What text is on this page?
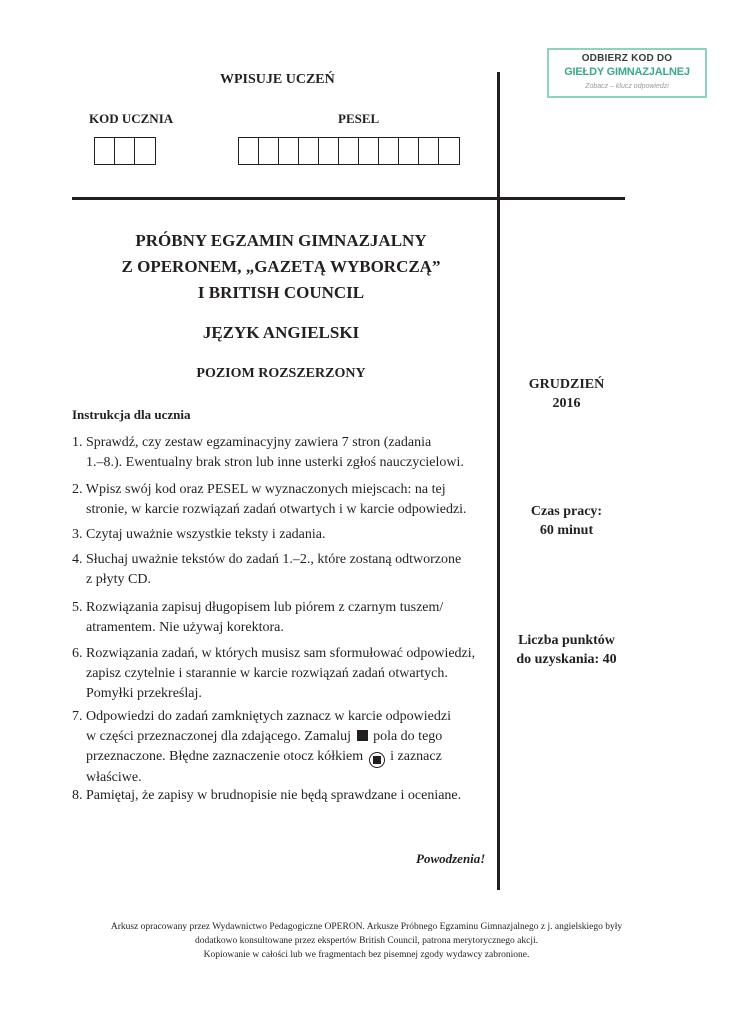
ODBIERZ KOD DO
GIEŁDY GIMNAZJALNEJ
Zobacz – klucz odpowiedzi
WPISUJE UCZEŃ
KOD UCZNIA	PESEL
PRÓBNY EGZAMIN GIMNAZJALNY
Z OPERONEM, „GAZETĄ WYBORCZĄ”
I BRITISH COUNCIL
JĘZYK ANGIELSKI
POZIOM ROZSZERZONY
GRUDZIEŃ
2016
Czas pracy:
60 minut
Liczba punktów
do uzyskania: 40
Instrukcja dla ucznia
1. Sprawdź, czy zestaw egzaminacyjny zawiera 7 stron (zadania
1.–8.). Ewentualny brak stron lub inne usterki zgłoś nauczycielowi.
2. Wpisz swój kod oraz PESEL w wyznaczonych miejscach: na tej
stronie, w karcie rozwiązań zadań otwartych i w karcie odpowiedzi.
3. Czytaj uważnie wszystkie teksty i zadania.
4. Słuchaj uważnie tekstów do zadań 1.–2., które zostaną odtworzone
z płyty CD.
5. Rozwiązania zapisuj długopisem lub piórem z czarnym tuszem/
atramentem. Nie używaj korektora.
6. Rozwiązania zadań, w których musisz sam sformułować odpowiedzi,
zapisz czytelnie i starannie w karcie rozwiązań zadań otwartych.
Pomyłki przekreślaj.
7. Odpowiedzi do zadań zamkniętych zaznacz w karcie odpowiedzi
w części przeznaczonej dla zdającego. Zamaluj pola do tego
przeznaczone. Błędne zaznaczenie otocz kółkiem i zaznacz
właściwe.
8. Pamiętaj, że zapisy w brudnopisie nie będą sprawdzane i oceniane.
Powodzenia!
Arkusz opracowany przez Wydawnictwo Pedagogiczne OPERON. Arkusze Próbnego Egzaminu Gimnazjalnego z j. angielskiego były
dodatkowo konsultowane przez ekspertów British Council, patrona merytorycznego akcji.
Kopiowanie w całości lub we fragmentach bez pisemnej zgody wydawcy zabronione.
